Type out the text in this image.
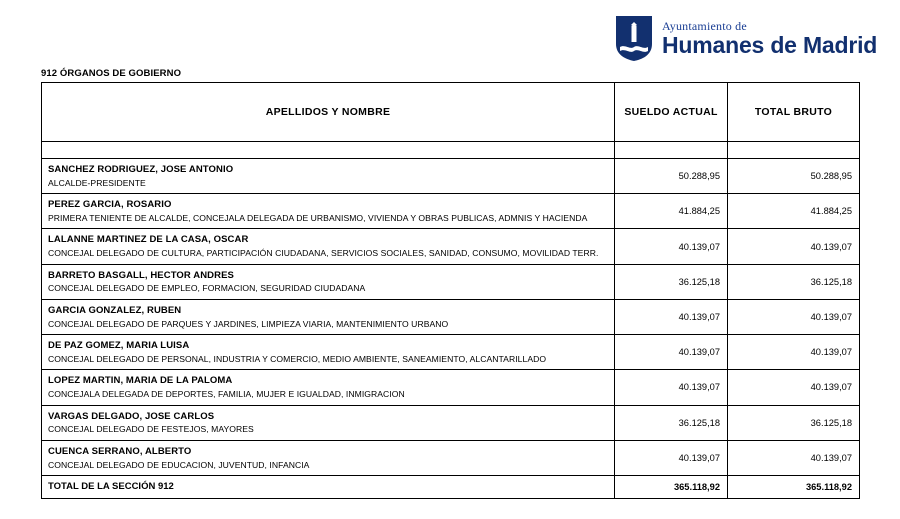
Ayuntamiento de
Humanes de Madrid
912 ÓRGANOS DE GOBIERNO
APELLIDOS Y NOMBRE	SUELDO ACTUAL	TOTAL BRUTO

SANCHEZ RODRIGUEZ, JOSE ANTONIO
ALCALDE-PRESIDENTE	50.288,95	50.288,95

PEREZ GARCIA, ROSARIO
PRIMERA TENIENTE DE ALCALDE, CONCEJALA DELEGADA DE URBANISMO, VIVIENDA Y OBRAS PUBLICAS, ADMNIS Y HACIENDA	41.884,25	41.884,25

LALANNE MARTINEZ DE LA CASA, OSCAR
CONCEJAL DELEGADO DE CULTURA, PARTICIPACIÓN CIUDADANA, SERVICIOS SOCIALES, SANIDAD, CONSUMO, MOVILIDAD TERR.	40.139,07	40.139,07

BARRETO BASGALL, HECTOR ANDRES
CONCEJAL DELEGADO DE EMPLEO, FORMACION, SEGURIDAD CIUDADANA	36.125,18	36.125,18

GARCIA GONZALEZ, RUBEN
CONCEJAL DELEGADO DE PARQUES Y JARDINES, LIMPIEZA VIARIA, MANTENIMIENTO URBANO	40.139,07	40.139,07

DE PAZ GOMEZ, MARIA LUISA
CONCEJAL DELEGADO DE PERSONAL, INDUSTRIA Y COMERCIO, MEDIO AMBIENTE, SANEAMIENTO, ALCANTARILLADO	40.139,07	40.139,07

LOPEZ MARTIN, MARIA DE LA PALOMA
CONCEJALA DELEGADA DE DEPORTES, FAMILIA, MUJER E IGUALDAD, INMIGRACION	40.139,07	40.139,07

VARGAS DELGADO, JOSE CARLOS
CONCEJAL DELEGADO DE FESTEJOS, MAYORES	36.125,18	36.125,18

CUENCA SERRANO, ALBERTO
CONCEJAL DELEGADO DE EDUCACION, JUVENTUD, INFANCIA	40.139,07	40.139,07
TOTAL DE LA SECCIÓN 912	365.118,92	365.118,92
